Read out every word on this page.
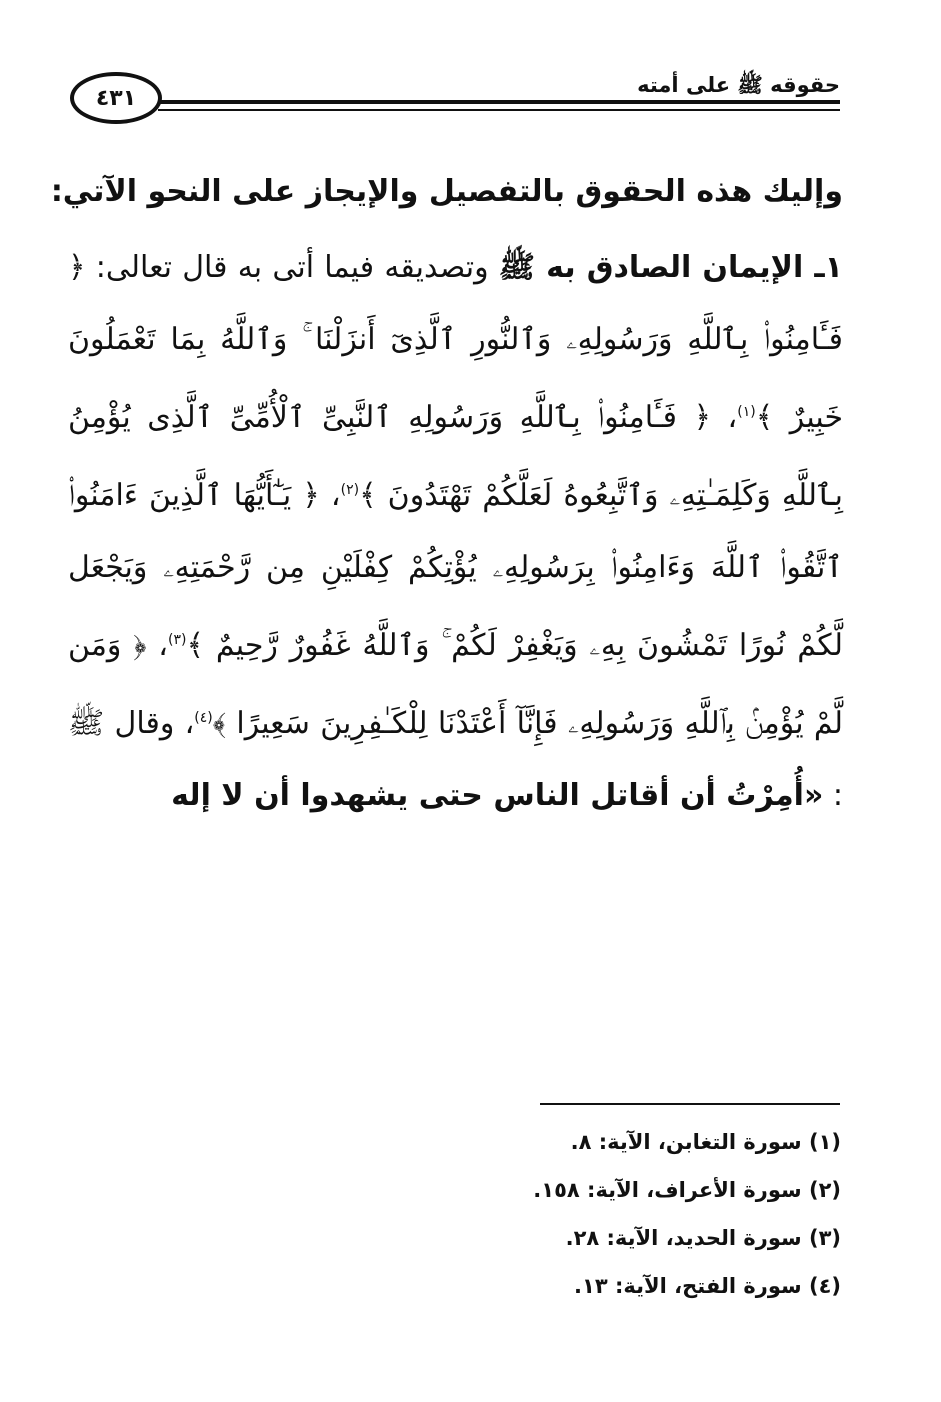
٤٣١
حقوقه ﷺ على أمته

وإليك هذه الحقوق بالتفصيل والإيجاز على النحو الآتي:

١ـ الإيمان الصادق به ﷺ وتصديقه فيما أتى به قال تعالى: ﴿ فَـَٔامِنُوا۟ بِٱللَّهِ وَرَسُولِهِۦ وَٱلنُّورِ ٱلَّذِىٓ أَنزَلْنَا ۚ وَٱللَّهُ بِمَا تَعْمَلُونَ خَبِيرٌ ﴾$^{(١)}$، ﴿ فَـَٔامِنُوا۟ بِٱللَّهِ وَرَسُولِهِ ٱلنَّبِىِّ ٱلْأُمِّىِّ ٱلَّذِى يُؤْمِنُ بِٱللَّهِ وَكَلِمَـٰتِهِۦ وَٱتَّبِعُوهُ لَعَلَّكُمْ تَهْتَدُونَ ﴾$^{(٢)}$، ﴿ يَـٰٓأَيُّهَا ٱلَّذِينَ ءَامَنُوا۟ ٱتَّقُوا۟ ٱللَّهَ وَءَامِنُوا۟ بِرَسُولِهِۦ يُؤْتِكُمْ كِفْلَيْنِ مِن رَّحْمَتِهِۦ وَيَجْعَل لَّكُمْ نُورًا تَمْشُونَ بِهِۦ وَيَغْفِرْ لَكُمْ ۚ وَٱللَّهُ غَفُورٌ رَّحِيمٌ ﴾$^{(٣)}$، ﴿ وَمَن لَّمْ يُؤْمِنۢ بِٱللَّهِ وَرَسُولِهِۦ فَإِنَّآ أَعْتَدْنَا لِلْكَـٰفِرِينَ سَعِيرًا ﴾$^{(٤)}$، وقال ﷺ : «أُمِرْتُ أن أقاتل الناس حتى يشهدوا أن لا إله

(١) سورة التغابن، الآية: ٨.
(٢) سورة الأعراف، الآية: ١٥٨.
(٣) سورة الحديد، الآية: ٢٨.
(٤) سورة الفتح، الآية: ١٣.
